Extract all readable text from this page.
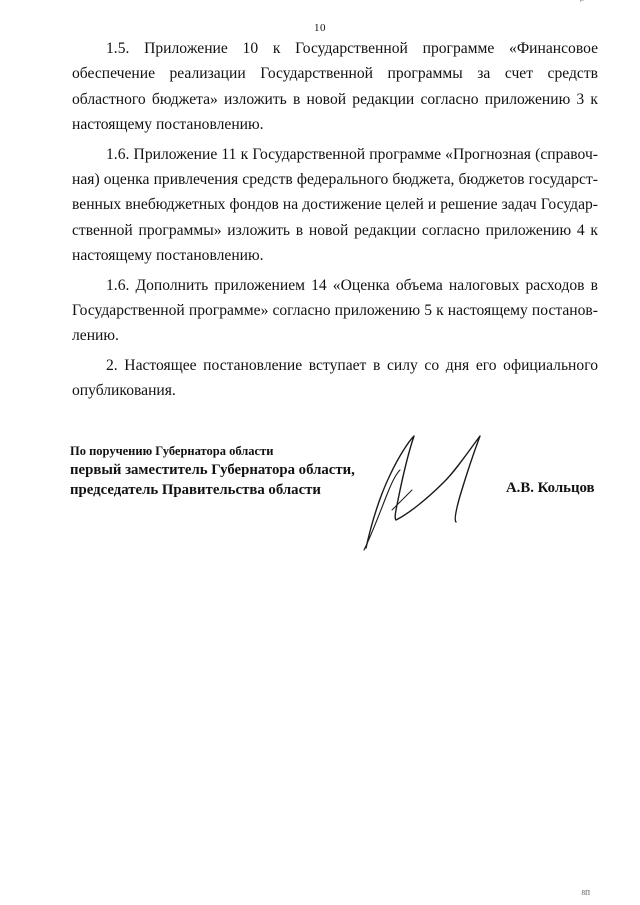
⌐
10

1.5. Приложение 10 к Государственной программе «Финансовое обеспечение реализации Государственной программы за счет средств областного бюджета» изложить в новой редакции согласно приложению 3 к настоящему постановлению.

1.6. Приложение 11 к Государственной программе «Прогнозная (справочная) оценка привлечения средств федерального бюджета, бюджетов государственных внебюджетных фондов на достижение целей и решение задач Государственной программы» изложить в новой редакции согласно приложению 4 к настоящему постановлению.

1.6. Дополнить приложением 14 «Оценка объема налоговых расходов в Государственной программе» согласно приложению 5 к настоящему постановлению.

2. Настоящее постановление вступает в силу со дня его официального опубликования.

По поручению Губернатора области
первый заместитель Губернатора области,
председатель Правительства области	А.В. Кольцов
8П
